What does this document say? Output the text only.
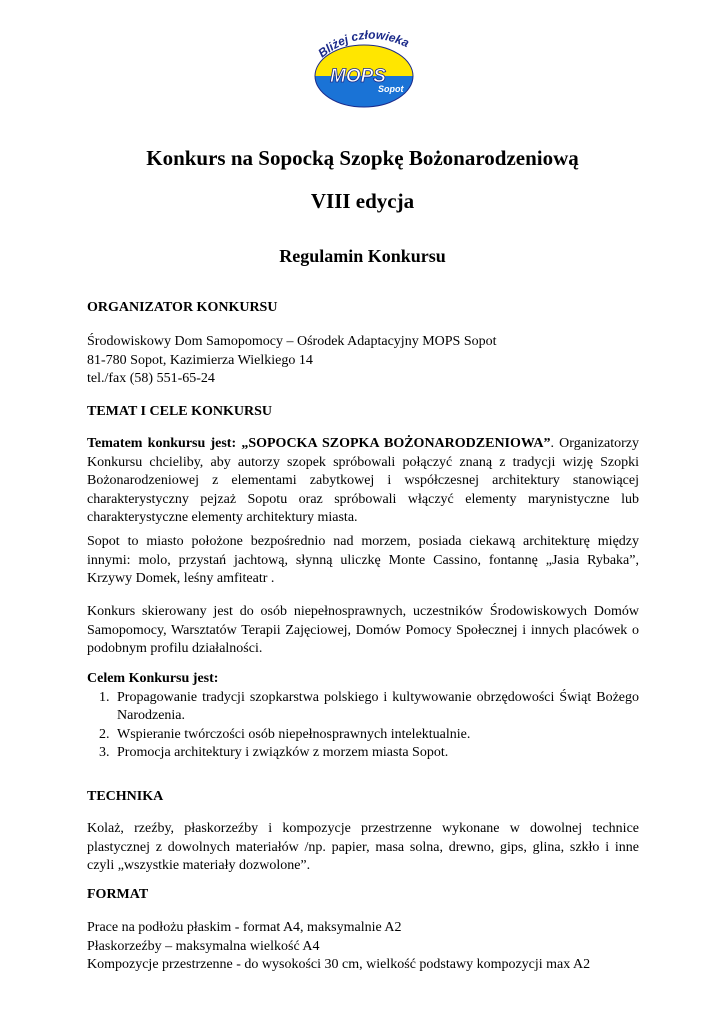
Bliżej człowieka
MOPS
Sopot
Konkurs na Sopocką Szopkę Bożonarodzeniową
VIII edycja
Regulamin Konkursu

ORGANIZATOR KONKURSU

Środowiskowy Dom Samopomocy – Ośrodek Adaptacyjny MOPS Sopot

81-780 Sopot, Kazimierza Wielkiego 14

tel./fax (58) 551-65-24

TEMAT I CELE KONKURSU

Tematem konkursu jest: „SOPOCKA SZOPKA BOŻONARODZENIOWA”. Organizatorzy Konkursu chcieliby, aby autorzy szopek spróbowali połączyć znaną z tradycji wizję Szopki Bożonarodzeniowej z elementami zabytkowej i współczesnej architektury stanowiącej charakterystyczny pejzaż Sopotu oraz spróbowali włączyć elementy marynistyczne lub charakterystyczne elementy architektury miasta.

Sopot to miasto położone bezpośrednio nad morzem, posiada ciekawą architekturę między innymi: molo, przystań jachtową, słynną uliczkę Monte Cassino, fontannę „Jasia Rybaka”, Krzywy Domek, leśny amfiteatr .

Konkurs skierowany jest do osób niepełnosprawnych, uczestników Środowiskowych Domów Samopomocy, Warsztatów Terapii Zajęciowej, Domów Pomocy Społecznej i innych placówek o podobnym profilu działalności.

Celem Konkursu jest:

1. Propagowanie tradycji szopkarstwa polskiego i kultywowanie obrzędowości Świąt Bożego Narodzenia.
2. Wspieranie twórczości osób niepełnosprawnych intelektualnie.
3. Promocja architektury i związków z morzem miasta Sopot.

TECHNIKA

Kolaż, rzeźby, płaskorzeźby i kompozycje przestrzenne wykonane w dowolnej technice plastycznej z dowolnych materiałów /np. papier, masa solna, drewno, gips, glina, szkło i inne czyli „wszystkie materiały dozwolone”.

FORMAT

Prace na podłożu płaskim - format A4, maksymalnie A2

Płaskorzeźby – maksymalna wielkość A4

Kompozycje przestrzenne - do wysokości 30 cm, wielkość podstawy kompozycji max A2
